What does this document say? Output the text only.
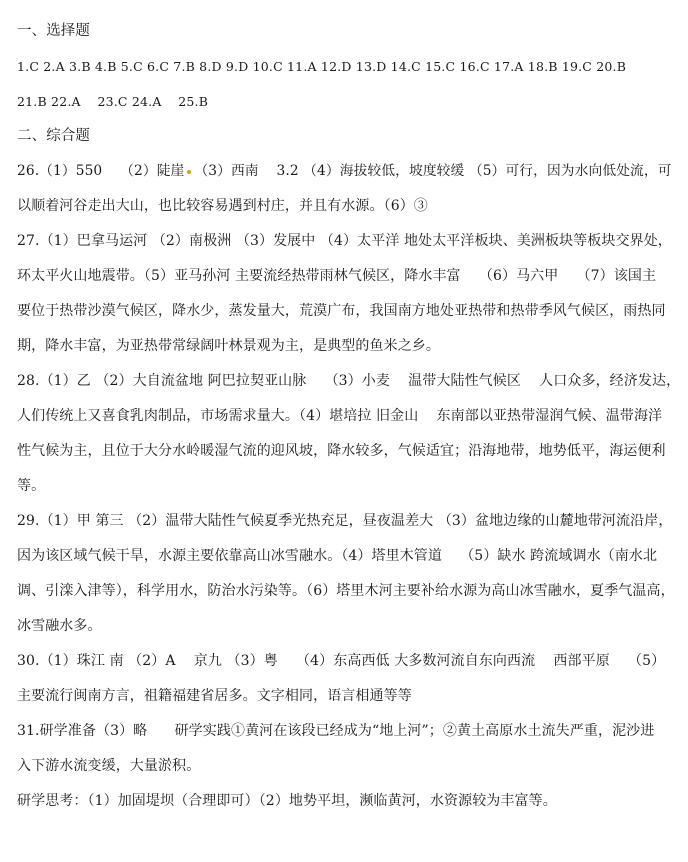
一、选择题
1.C 2.A 3.B 4.B 5.C 6.C 7.B 8.D 9.D 10.C 11.A 12.D 13.D 14.C 15.C 16.C 17.A 18.B 19.C 20.B
21.B 22.A    23.C 24.A    25.B
二、综合题
26.（1）550    （2）陡崖 （3）西南    3.2 （4）海拔较低，坡度较缓 （5）可行，因为水向低处流，可
以顺着河谷走出大山，也比较容易遇到村庄，并且有水源。（6）③
27.（1）巴拿马运河 （2）南极洲 （3）发展中 （4）太平洋 地处太平洋板块、美洲板块等板块交界处，
环太平火山地震带。（5）亚马孙河 主要流经热带雨林气候区，降水丰富    （6）马六甲    （7）该国主
要位于热带沙漠气候区，降水少，蒸发量大，荒漠广布，我国南方地处亚热带和热带季风气候区，雨热同
期，降水丰富，为亚热带常绿阔叶林景观为主，是典型的鱼米之乡。
28.（1）乙 （2）大自流盆地 阿巴拉契亚山脉    （3）小麦    温带大陆性气候区    人口众多，经济发达，
人们传统上又喜食乳肉制品，市场需求量大。（4）堪培拉 旧金山    东南部以亚热带湿润气候、温带海洋
性气候为主，且位于大分水岭暖湿气流的迎风坡，降水较多，气候适宜；沿海地带，地势低平，海运便利
等。
29.（1）甲 第三 （2）温带大陆性气候夏季光热充足，昼夜温差大 （3）盆地边缘的山麓地带河流沿岸，
因为该区域气候干旱，水源主要依靠高山冰雪融水。（4）塔里木管道    （5）缺水 跨流域调水（南水北
调、引滦入津等），科学用水，防治水污染等。（6）塔里木河主要补给水源为高山冰雪融水，夏季气温高，
冰雪融水多。
30.（1）珠江 南 （2）A    京九 （3）粤    （4）东高西低 大多数河流自东向西流    西部平原    （5）
主要流行闽南方言，祖籍福建省居多。文字相同，语言相通等等
31.研学准备（3）略      研学实践①黄河在该段已经成为“地上河”；②黄土高原水土流失严重，泥沙进
入下游水流变缓，大量淤积。
研学思考：（1）加固堤坝（合理即可）（2）地势平坦，濒临黄河，水资源较为丰富等。
